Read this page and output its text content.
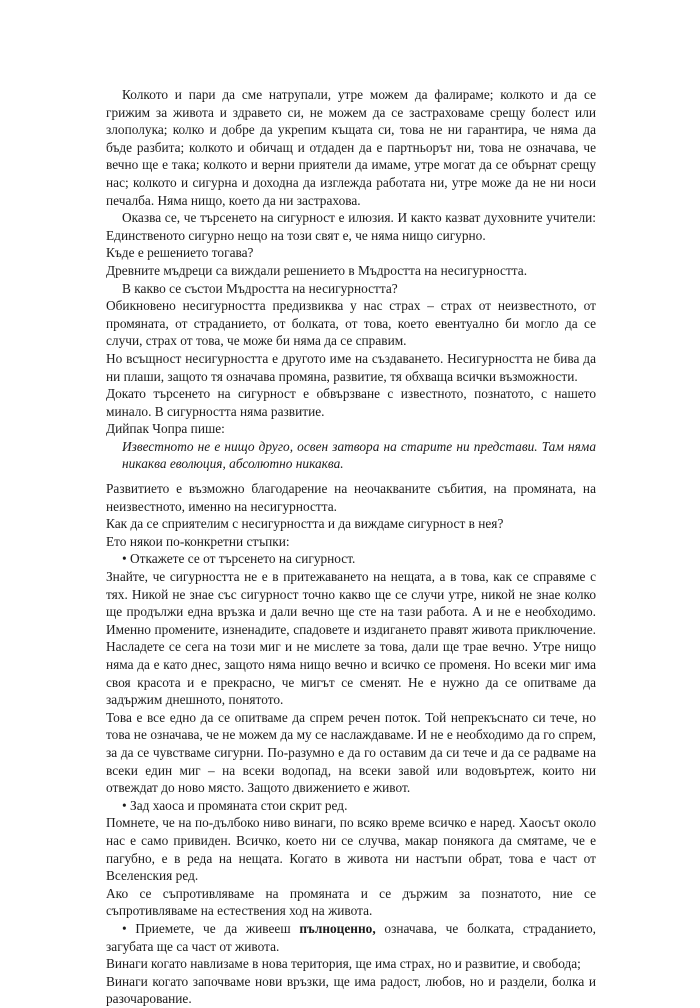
Колкото и пари да сме натрупали, утре можем да фалираме; колкото и да се грижим за живота и здравето си, не можем да се застраховаме срещу болест или злополука; колко и добре да укрепим къщата си, това не ни гарантира, че няма да бъде разбита; колкото и обичащ и отдаден да е партньорът ни, това не означава, че вечно ще е така; колкото и верни приятели да имаме, утре могат да се обърнат срещу нас; колкото и сигурна и доходна да изглежда работата ни, утре може да не ни носи печалба. Няма нищо, което да ни застрахова.

Оказва се, че търсенето на сигурност е илюзия. И както казват духовните учители: Единственото сигурно нещо на този свят е, че няма нищо сигурно.

Къде е решението тогава?

Древните мъдреци са виждали решението в Мъдростта на несигурността.

В какво се състои Мъдростта на несигурността?

Обикновено несигурността предизвиква у нас страх – страх от неизвестното, от промяната, от страданието, от болката, от това, което евентуално би могло да се случи, страх от това, че може би няма да се справим.

Но всъщност несигурността е другото име на създаването. Несигурността не бива да ни плаши, защото тя означава промяна, развитие, тя обхваща всички възможности.

Докато търсенето на сигурност е обвързване с известното, познатото, с нашето минало. В сигурността няма развитие.

Дийпак Чопра пише:

Известното не е нищо друго, освен затвора на старите ни представи. Там няма никаква еволюция, абсолютно никаква.

Развитието е възможно благодарение на неочакваните събития, на промяната, на неизвестното, именно на несигурността.

Как да се сприятелим с несигурността и да виждаме сигурност в нея?

Ето някои по-конкретни стъпки:

• Откажете се от търсенето на сигурност.

Знайте, че сигурността не е в притежаването на нещата, а в това, как се справяме с тях. Никой не знае със сигурност точно какво ще се случи утре, никой не знае колко ще продължи една връзка и дали вечно ще сте на тази работа. А и не е необходимо. Именно промените, изненадите, спадовете и издигането правят живота приключение. Насладете се сега на този миг и не мислете за това, дали ще трае вечно. Утре нищо няма да е като днес, защото няма нищо вечно и всичко се променя. Но всеки миг има своя красота и е прекрасно, че мигът се сменят. Не е нужно да се опитваме да задържим днешното, понятото.

Това е все едно да се опитваме да спрем речен поток. Той непрекъснато си тече, но това не означава, че не можем да му се наслаждаваме. И не е необходимо да го спрем, за да се чувстваме сигурни. По-разумно е да го оставим да си тече и да се радваме на всеки един миг – на всеки водопад, на всеки завой или водовъртеж, които ни отвеждат до ново място. Защото движението е живот.

• Зад хаоса и промяната стои скрит ред.

Помнете, че на по-дълбоко ниво винаги, по всяко време всичко е наред. Хаосът около нас е само привиден. Всичко, което ни се случва, макар понякога да смятаме, че е пагубно, е в реда на нещата. Когато в живота ни настъпи обрат, това е част от Вселенския ред.

Ако се съпротивляваме на промяната и се държим за познатото, ние се съпротивляваме на естествения ход на живота.

• Приемете, че да живееш пълноценно, означава, че болката, страданието, загубата ще са част от живота.

Винаги когато навлизаме в нова територия, ще има страх, но и развитие, и свобода;

Винаги когато започваме нови връзки, ще има радост, любов, но и раздели, болка и разочарование.
